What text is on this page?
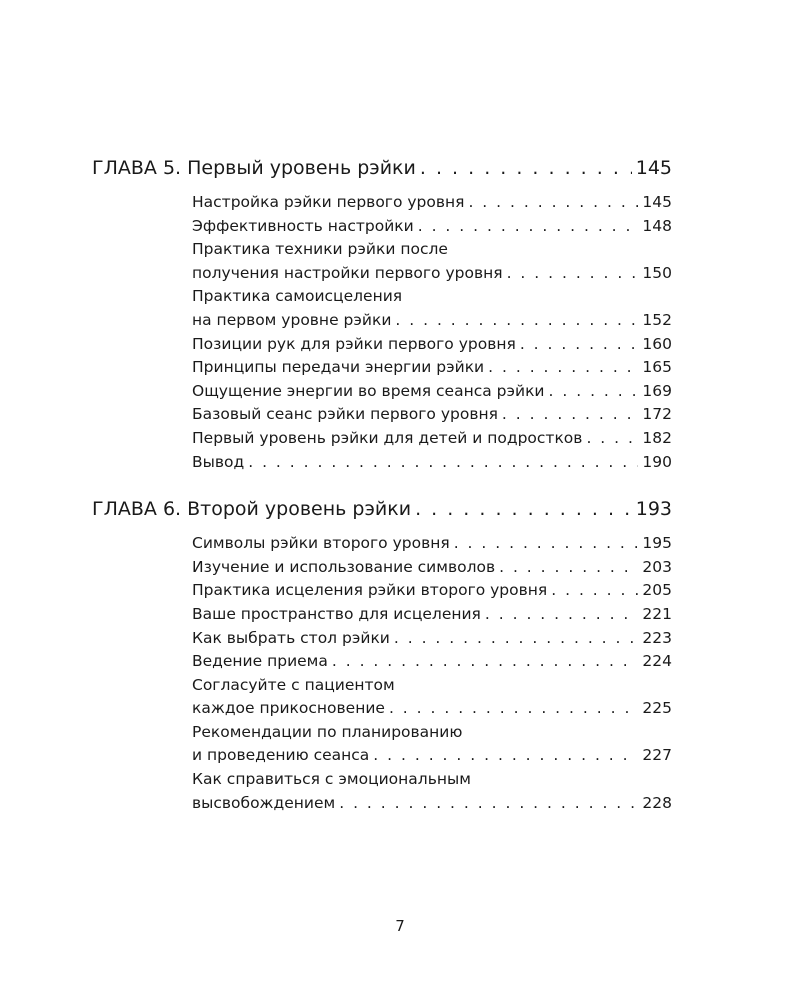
ГЛАВА 5. Первый уровень рэйки . . .	145
Настройка рэйки первого уровня . . .	145
Эффективность настройки . . .	148
Практика техники рэйки после
получения настройки первого уровня . . .	150
Практика самоисцеления
на первом уровне рэйки . . .	152
Позиции рук для рэйки первого уровня . . .	160
Принципы передачи энергии рэйки . . .	165
Ощущение энергии во время сеанса рэйки . . .	169
Базовый сеанс рэйки первого уровня . . .	172
Первый уровень рэйки для детей и подростков . . .	182
Вывод . . .	190
ГЛАВА 6. Второй уровень рэйки . . .	193
Символы рэйки второго уровня . . .	195
Изучение и использование символов . . .	203
Практика исцеления рэйки второго уровня . . .	205
Ваше пространство для исцеления . . .	221
Как выбрать стол рэйки . . .	223
Ведение приема . . .	224
Согласуйте с пациентом
каждое прикосновение . . .	225
Рекомендации по планированию
и проведению сеанса . . .	227
Как справиться с эмоциональным
высвобождением . . .	228
7
